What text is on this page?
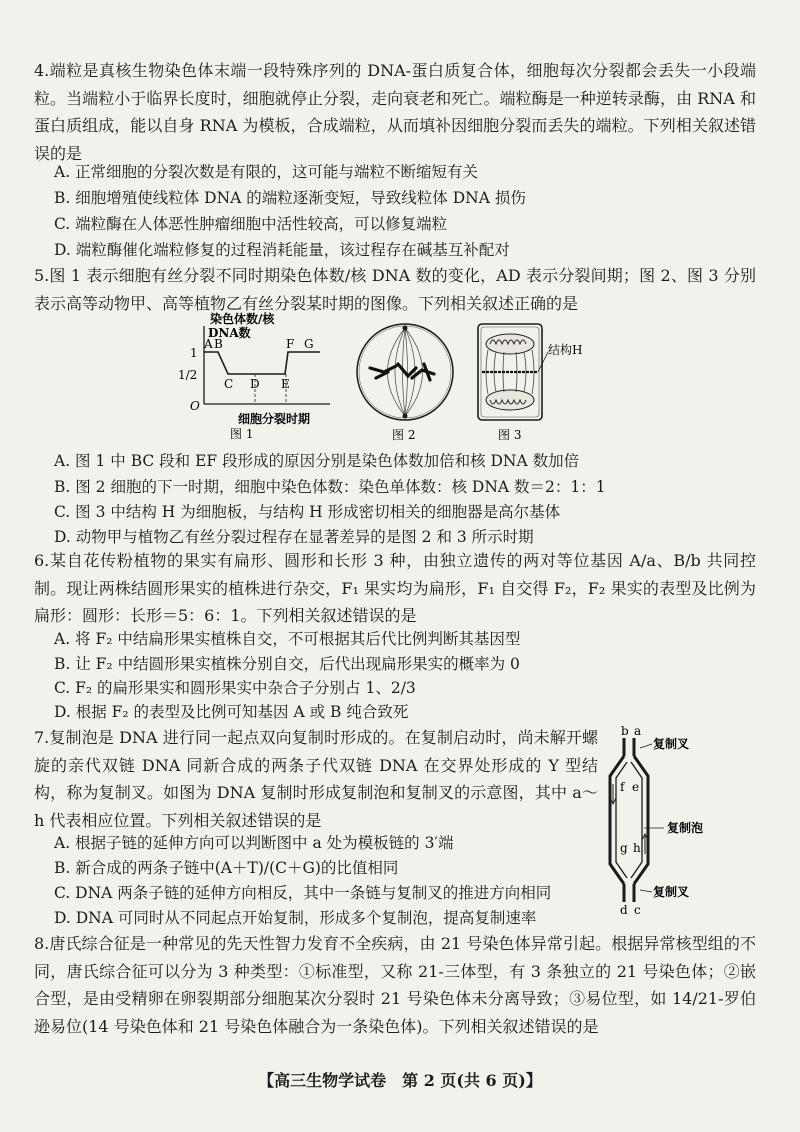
4.端粒是真核生物染色体末端一段特殊序列的 DNA-蛋白质复合体，细胞每次分裂都会丢失一小段端粒。当端粒小于临界长度时，细胞就停止分裂，走向衰老和死亡。端粒酶是一种逆转录酶，由 RNA 和蛋白质组成，能以自身 RNA 为模板，合成端粒，从而填补因细胞分裂而丢失的端粒。下列相关叙述错误的是
A. 正常细胞的分裂次数是有限的，这可能与端粒不断缩短有关
B. 细胞增殖使线粒体 DNA 的端粒逐渐变短，导致线粒体 DNA 损伤
C. 端粒酶在人体恶性肿瘤细胞中活性较高，可以修复端粒
D. 端粒酶催化端粒修复的过程消耗能量，该过程存在碱基互补配对
5.图 1 表示细胞有丝分裂不同时期染色体数/核 DNA 数的变化，AD 表示分裂间期；图 2、图 3 分别表示高等动物甲、高等植物乙有丝分裂某时期的图像。下列相关叙述正确的是
染色体数/核
DNA数
1
1/2
O
A B
C D E
F G
细胞分裂时期
图 1	图 2
结构H
图 3
A. 图 1 中 BC 段和 EF 段形成的原因分别是染色体数加倍和核 DNA 数加倍
B. 图 2 细胞的下一时期，细胞中染色体数：染色单体数：核 DNA 数＝2：1：1
C. 图 3 中结构 H 为细胞板，与结构 H 形成密切相关的细胞器是高尔基体
D. 动物甲与植物乙有丝分裂过程存在显著差异的是图 2 和 3 所示时期
6.某自花传粉植物的果实有扁形、圆形和长形 3 种，由独立遗传的两对等位基因 A/a、B/b 共同控制。现让两株结圆形果实的植株进行杂交，F₁ 果实均为扁形，F₁ 自交得 F₂，F₂ 果实的表型及比例为扁形：圆形：长形＝5：6：1。下列相关叙述错误的是
A. 将 F₂ 中结扁形果实植株自交，不可根据其后代比例判断其基因型
B. 让 F₂ 中结圆形果实植株分别自交，后代出现扁形果实的概率为 0
C. F₂ 的扁形果实和圆形果实中杂合子分别占 1、2/3
D. 根据 F₂ 的表型及比例可知基因 A 或 B 纯合致死
7.复制泡是 DNA 进行同一起点双向复制时形成的。在复制启动时，尚未解开螺旋的亲代双链 DNA 同新合成的两条子代双链 DNA 在交界处形成的 Y 型结构，称为复制叉。如图为 DNA 复制时形成复制泡和复制叉的示意图，其中 a～h 代表相应位置。下列相关叙述错误的是
b a
d c
f e
g h
复制叉
复制泡
复制叉
A. 根据子链的延伸方向可以判断图中 a 处为模板链的 3′端
B. 新合成的两条子链中(A＋T)/(C＋G)的比值相同
C. DNA 两条子链的延伸方向相反，其中一条链与复制叉的推进方向相同
D. DNA 可同时从不同起点开始复制，形成多个复制泡，提高复制速率
8.唐氏综合征是一种常见的先天性智力发育不全疾病，由 21 号染色体异常引起。根据异常核型组的不同，唐氏综合征可以分为 3 种类型：①标准型，又称 21-三体型，有 3 条独立的 21 号染色体；②嵌合型，是由受精卵在卵裂期部分细胞某次分裂时 21 号染色体未分离导致；③易位型，如 14/21-罗伯逊易位(14 号染色体和 21 号染色体融合为一条染色体)。下列相关叙述错误的是
【高三生物学试卷　第 2 页(共 6 页)】
